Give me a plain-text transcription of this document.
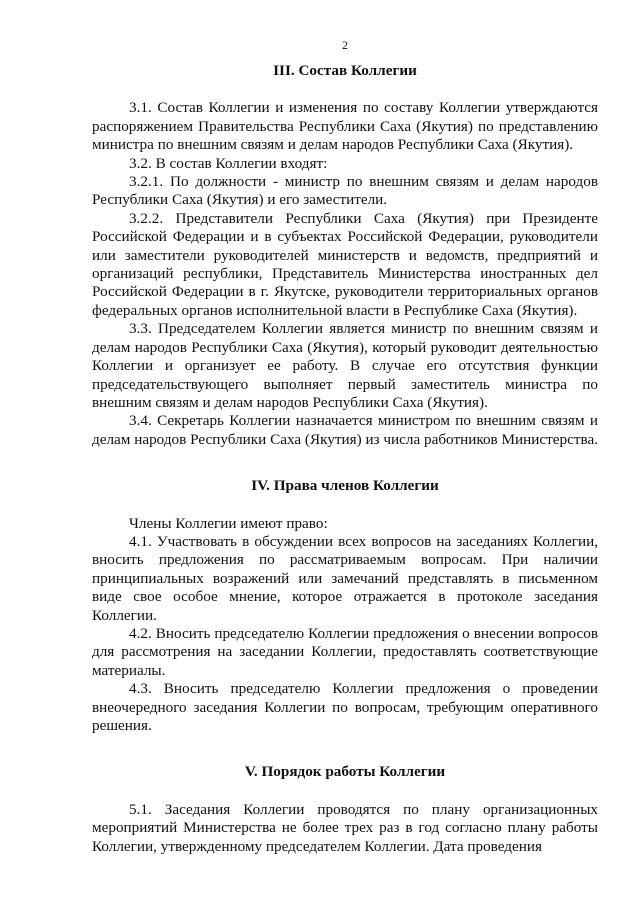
2
III. Состав Коллегии

3.1. Состав Коллегии и изменения по составу Коллегии утверждаются распоряжением Правительства Республики Саха (Якутия) по представлению министра по внешним связям и делам народов Республики Саха (Якутия).

3.2. В состав Коллегии входят:

3.2.1. По должности - министр по внешним связям и делам народов Республики Саха (Якутия) и его заместители.

3.2.2. Представители Республики Саха (Якутия) при Президенте Российской Федерации и в субъектах Российской Федерации, руководители или заместители руководителей министерств и ведомств, предприятий и организаций республики, Представитель Министерства иностранных дел Российской Федерации в г. Якутске, руководители территориальных органов федеральных органов исполнительной власти в Республике Саха (Якутия).

3.3. Председателем Коллегии является министр по внешним связям и делам народов Республики Саха (Якутия), который руководит деятельностью Коллегии и организует ее работу. В случае его отсутствия функции председательствующего выполняет первый заместитель министра по внешним связям и делам народов Республики Саха (Якутия).

3.4. Секретарь Коллегии назначается министром по внешним связям и делам народов Республики Саха (Якутия) из числа работников Министерства.

IV. Права членов Коллегии

Члены Коллегии имеют право:

4.1. Участвовать в обсуждении всех вопросов на заседаниях Коллегии, вносить предложения по рассматриваемым вопросам. При наличии принципиальных возражений или замечаний представлять в письменном виде свое особое мнение, которое отражается в протоколе заседания Коллегии.

4.2. Вносить председателю Коллегии предложения о внесении вопросов для рассмотрения на заседании Коллегии, предоставлять соответствующие материалы.

4.3. Вносить председателю Коллегии предложения о проведении внеочередного заседания Коллегии по вопросам, требующим оперативного решения.

V. Порядок работы Коллегии

5.1. Заседания Коллегии проводятся по плану организационных мероприятий Министерства не более трех раз в год согласно плану работы Коллегии, утвержденному председателем Коллегии. Дата проведения
